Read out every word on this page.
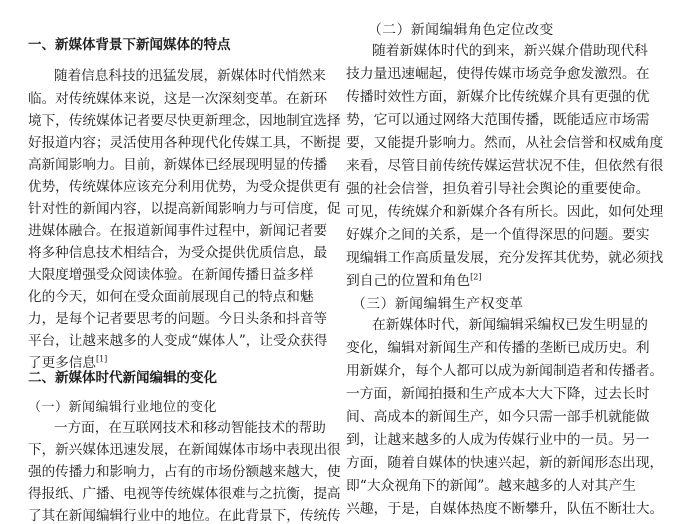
一、新媒体背景下新闻媒体的特点
随着信息科技的迅猛发展，新媒体时代悄然来
临。对传统媒体来说，这是一次深刻变革。在新环
境下，传统媒体记者要尽快更新理念，因地制宜选择
好报道内容；灵活使用各种现代化传媒工具，不断提
高新闻影响力。目前，新媒体已经展现明显的传播
优势，传统媒体应该充分利用优势，为受众提供更有
针对性的新闻内容，以提高新闻影响力与可信度，促
进媒体融合。在报道新闻事件过程中，新闻记者要
将多种信息技术相结合，为受众提供优质信息，最
大限度增强受众阅读体验。在新闻传播日益多样
化的今天，如何在受众面前展现自己的特点和魅
力，是每个记者要思考的问题。今日头条和抖音等
平台，让越来越多的人变成“媒体人”，让受众获得
了更多信息[1]
二、新媒体时代新闻编辑的变化
（一）新闻编辑行业地位的变化
一方面，在互联网技术和移动智能技术的帮助
下，新兴媒体迅速发展，在新闻媒体市场中表现出很
强的传播力和影响力，占有的市场份额越来越大，使
得报纸、广播、电视等传统媒体很难与之抗衡，提高
了其在新闻编辑行业中的地位。在此背景下，传统传
（二）新闻编辑角色定位改变
随着新媒体时代的到来，新兴媒介借助现代科
技力量迅速崛起，使得传媒市场竞争愈发激烈。在
传播时效性方面，新媒介比传统媒介具有更强的优
势，它可以通过网络大范围传播，既能适应市场需
要，又能提升影响力。然而，从社会信誉和权威角度
来看，尽管目前传统传媒运营状况不佳，但依然有很
强的社会信誉，担负着引导社会舆论的重要使命。
可见，传统媒介和新媒介各有所长。因此，如何处理
好媒介之间的关系，是一个值得深思的问题。要实
现编辑工作高质量发展，充分发挥其优势，就必须找
到自己的位置和角色[2]
（三）新闻编辑生产权变革
在新媒体时代，新闻编辑采编权已发生明显的
变化，编辑对新闻生产和传播的垄断已成历史。利
用新媒介，每个人都可以成为新闻制造者和传播者。
一方面，新闻拍摄和生产成本大大下降，过去长时
间、高成本的新闻生产，如今只需一部手机就能做
到，让越来越多的人成为传媒行业中的一员。另一
方面，随着自媒体的快速兴起，新的新闻形态出现，
即“大众视角下的新闻”。越来越多的人对其产生
兴趣，于是，自媒体热度不断攀升，队伍不断壮大。
